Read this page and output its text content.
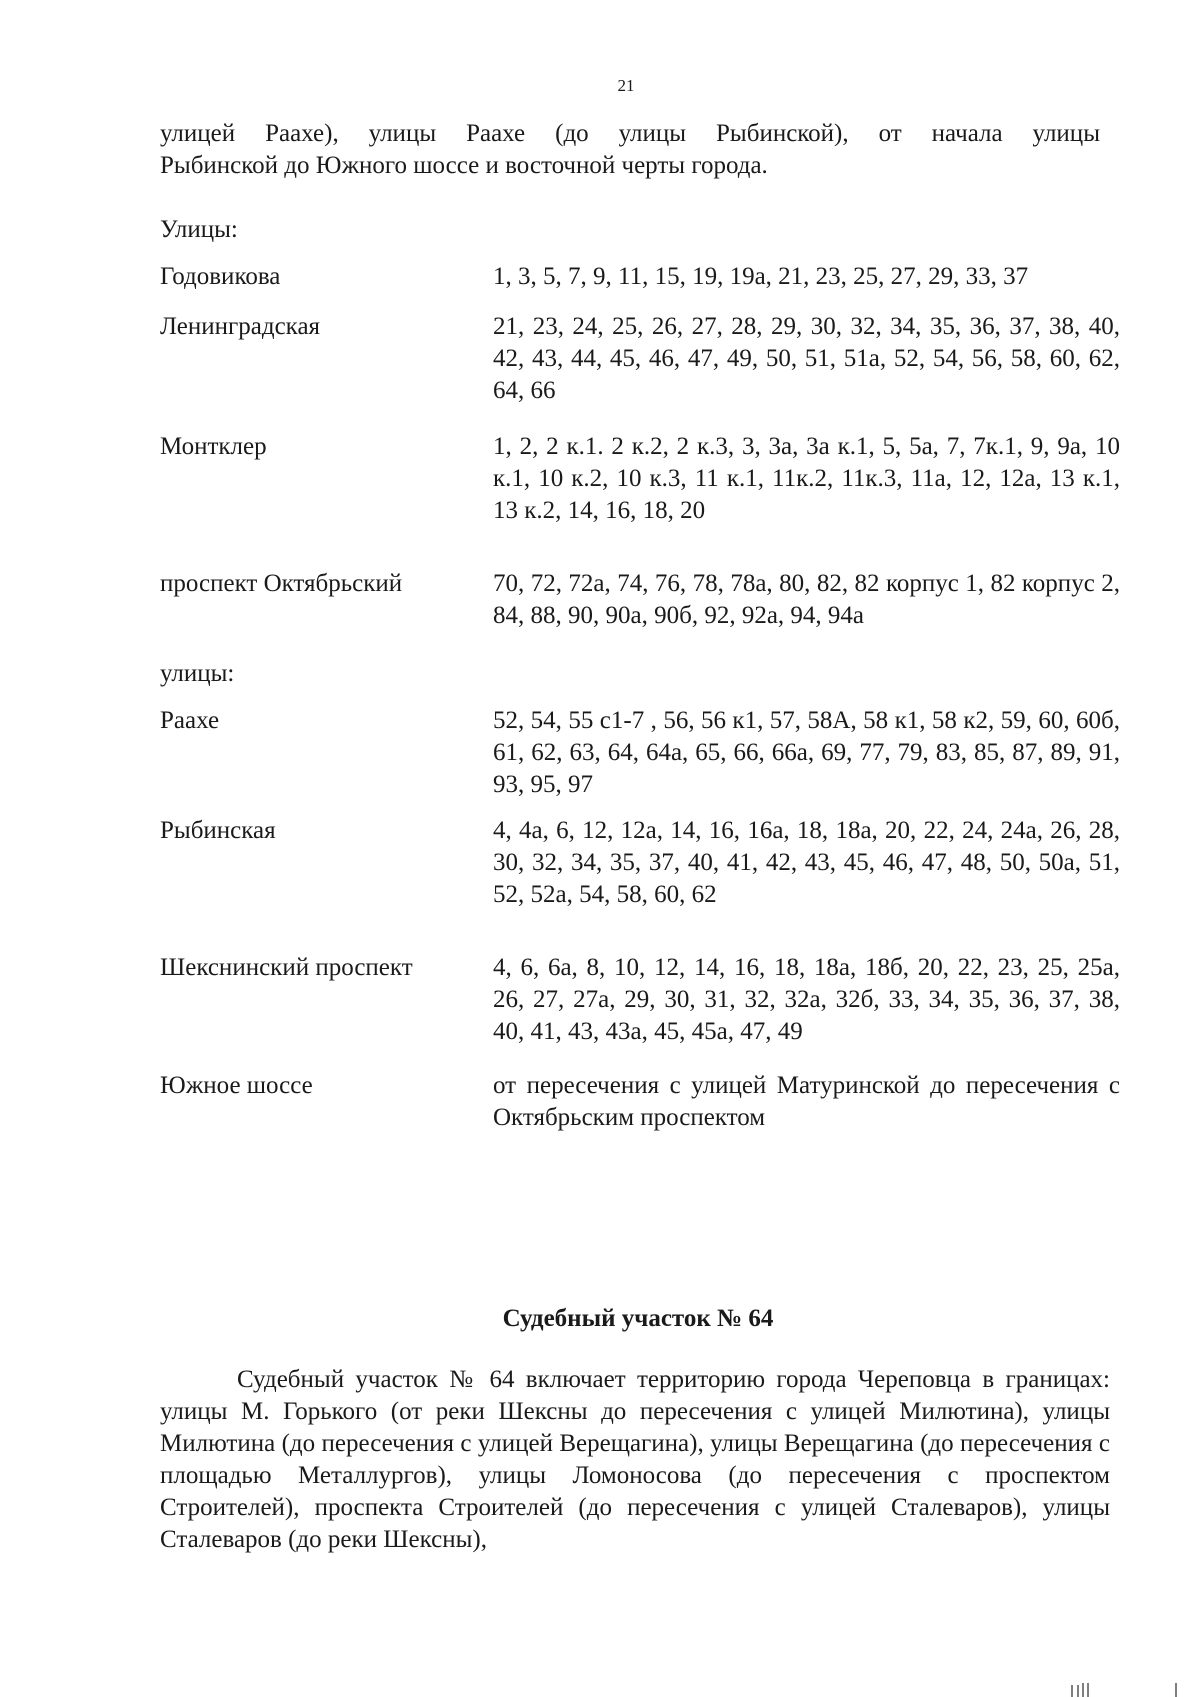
21
улицей Раахе), улицы Раахе (до улицы Рыбинской), от начала улицы
Рыбинской до Южного шоссе и восточной черты города.
Улицы:
Годовикова	1, 3, 5, 7, 9, 11, 15, 19, 19а, 21, 23, 25, 27, 29, 33, 37
Ленинградская	21, 23, 24, 25, 26, 27, 28, 29, 30, 32, 34, 35, 36, 37, 38, 40, 42, 43, 44, 45, 46, 47, 49, 50, 51, 51а, 52, 54, 56, 58, 60, 62, 64, 66
Монтклер	1, 2, 2 к.1. 2 к.2, 2 к.3, 3, 3а, 3а к.1, 5, 5а, 7, 7к.1, 9, 9а, 10 к.1, 10 к.2, 10 к.3, 11 к.1, 11к.2, 11к.3, 11а, 12, 12а, 13 к.1, 13 к.2, 14, 16, 18, 20
проспект Октябрьский	70, 72, 72а, 74, 76, 78, 78а, 80, 82, 82 корпус 1, 82 корпус 2, 84, 88, 90, 90а, 90б, 92, 92а, 94, 94а
улицы:
Раахе	52, 54, 55 с1-7 , 56, 56 к1, 57, 58А, 58 к1, 58 к2, 59, 60, 60б, 61, 62, 63, 64, 64а, 65, 66, 66а, 69, 77, 79, 83, 85, 87, 89, 91, 93, 95, 97
Рыбинская	4, 4а, 6, 12, 12а, 14, 16, 16а, 18, 18а, 20, 22, 24, 24а, 26, 28, 30, 32, 34, 35, 37, 40, 41, 42, 43, 45, 46, 47, 48, 50, 50а, 51, 52, 52а, 54, 58, 60, 62
Шекснинский проспект	4, 6, 6а, 8, 10, 12, 14, 16, 18, 18а, 18б, 20, 22, 23, 25, 25а, 26, 27, 27а, 29, 30, 31, 32, 32а, 32б, 33, 34, 35, 36, 37, 38, 40, 41, 43, 43а, 45, 45а, 47, 49
Южное шоссе	от пересечения с улицей Матуринской до пересечения с Октябрьским проспектом
Судебный участок № 64
Судебный участок № 64 включает территорию города Череповца в границах: улицы М. Горького (от реки Шексны до пересечения с улицей Милютина), улицы Милютина (до пересечения с улицей Верещагина), улицы Верещагина (до пересечения с площадью Металлургов), улицы Ломоносова (до пересечения с проспектом Строителей), проспекта Строителей (до пересечения с улицей Сталеваров), улицы Сталеваров (до реки Шексны),
